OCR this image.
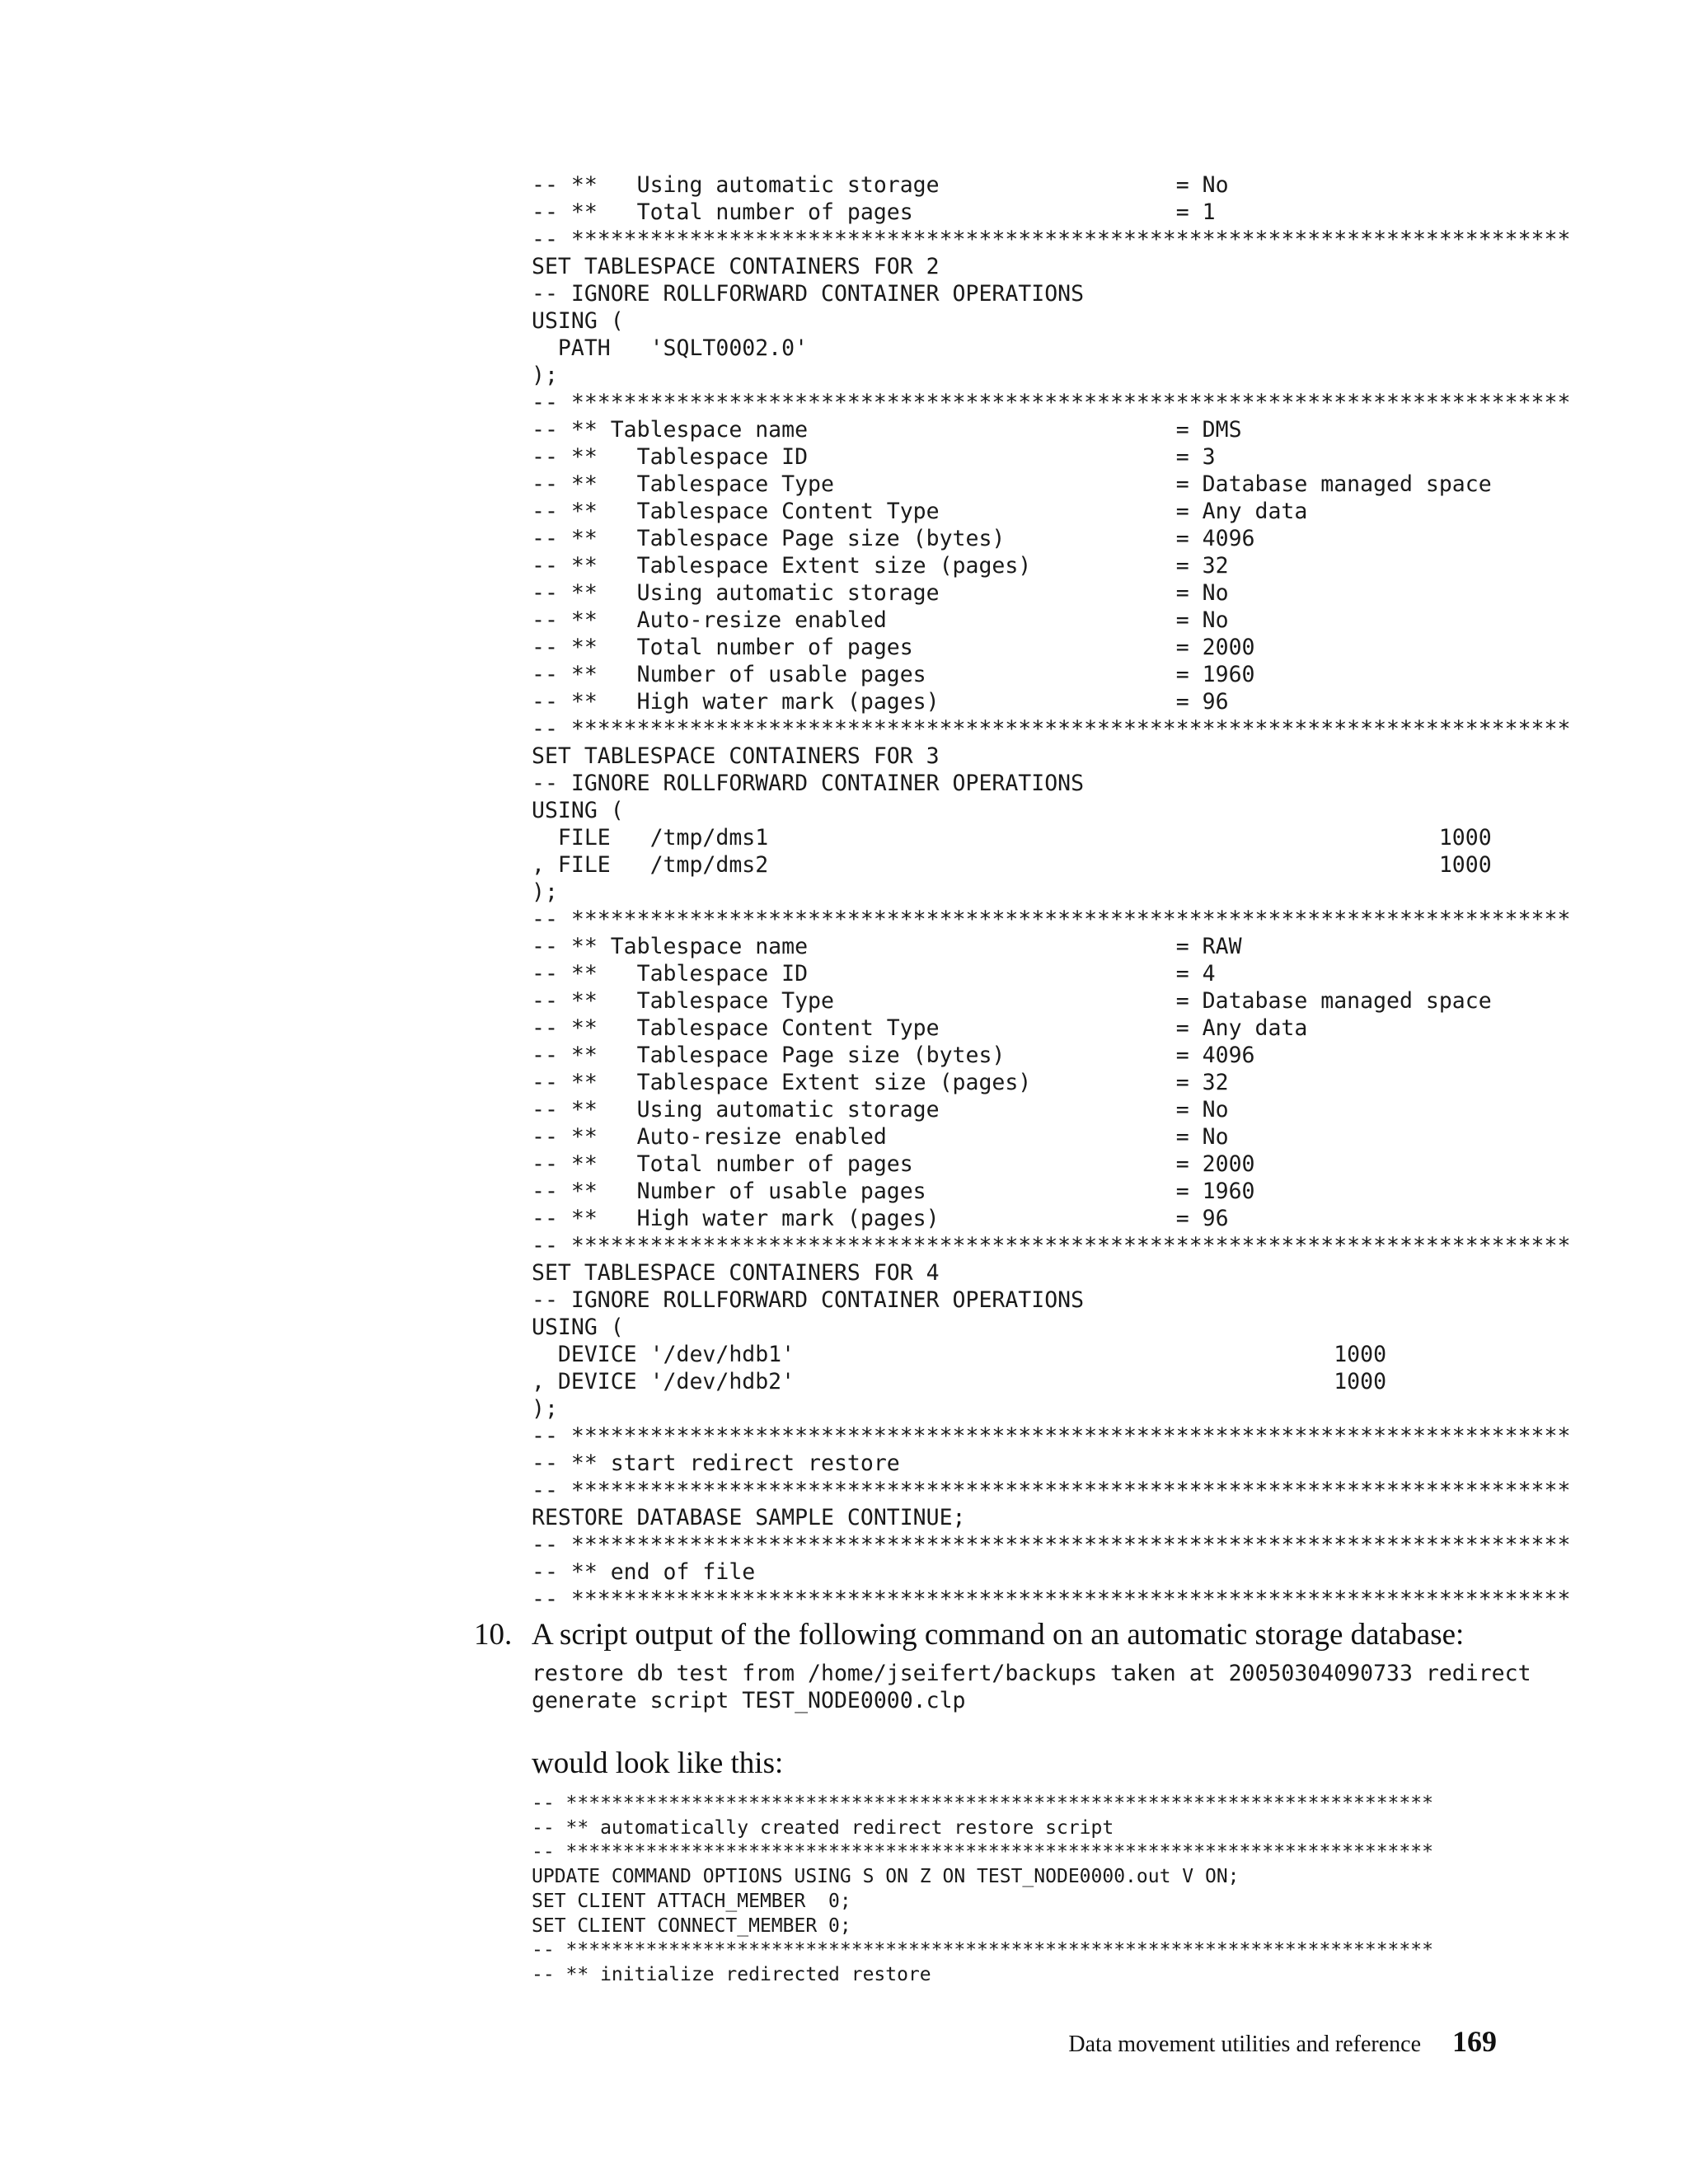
-- **   Using automatic storage                  = No
-- **   Total number of pages                    = 1
-- ****************************************************************************
SET TABLESPACE CONTAINERS FOR 2
-- IGNORE ROLLFORWARD CONTAINER OPERATIONS
USING (
PATH   'SQLT0002.0'
);
-- ****************************************************************************
-- ** Tablespace name                            = DMS
-- **   Tablespace ID                            = 3
-- **   Tablespace Type                          = Database managed space
-- **   Tablespace Content Type                  = Any data
-- **   Tablespace Page size (bytes)             = 4096
-- **   Tablespace Extent size (pages)           = 32
-- **   Using automatic storage                  = No
-- **   Auto-resize enabled                      = No
-- **   Total number of pages                    = 2000
-- **   Number of usable pages                   = 1960
-- **   High water mark (pages)                  = 96
-- ****************************************************************************
SET TABLESPACE CONTAINERS FOR 3
-- IGNORE ROLLFORWARD CONTAINER OPERATIONS
USING (
FILE   /tmp/dms1                                                   1000
, FILE   /tmp/dms2                                                   1000
);
-- ****************************************************************************
-- ** Tablespace name                            = RAW
-- **   Tablespace ID                            = 4
-- **   Tablespace Type                          = Database managed space
-- **   Tablespace Content Type                  = Any data
-- **   Tablespace Page size (bytes)             = 4096
-- **   Tablespace Extent size (pages)           = 32
-- **   Using automatic storage                  = No
-- **   Auto-resize enabled                      = No
-- **   Total number of pages                    = 2000
-- **   Number of usable pages                   = 1960
-- **   High water mark (pages)                  = 96
-- ****************************************************************************
SET TABLESPACE CONTAINERS FOR 4
-- IGNORE ROLLFORWARD CONTAINER OPERATIONS
USING (
DEVICE '/dev/hdb1'                                         1000
, DEVICE '/dev/hdb2'                                         1000
);
-- ****************************************************************************
-- ** start redirect restore
-- ****************************************************************************
RESTORE DATABASE SAMPLE CONTINUE;
-- ****************************************************************************
-- ** end of file
-- ****************************************************************************
10. A script output of the following command on an automatic storage database:
restore db test from /home/jseifert/backups taken at 20050304090733 redirect
generate script TEST_NODE0000.clp
would look like this:
-- ****************************************************************************
-- ** automatically created redirect restore script
-- ****************************************************************************
UPDATE COMMAND OPTIONS USING S ON Z ON TEST_NODE0000.out V ON;
SET CLIENT ATTACH_MEMBER  0;
SET CLIENT CONNECT_MEMBER 0;
-- ****************************************************************************
-- ** initialize redirected restore
Data movement utilities and reference 169
